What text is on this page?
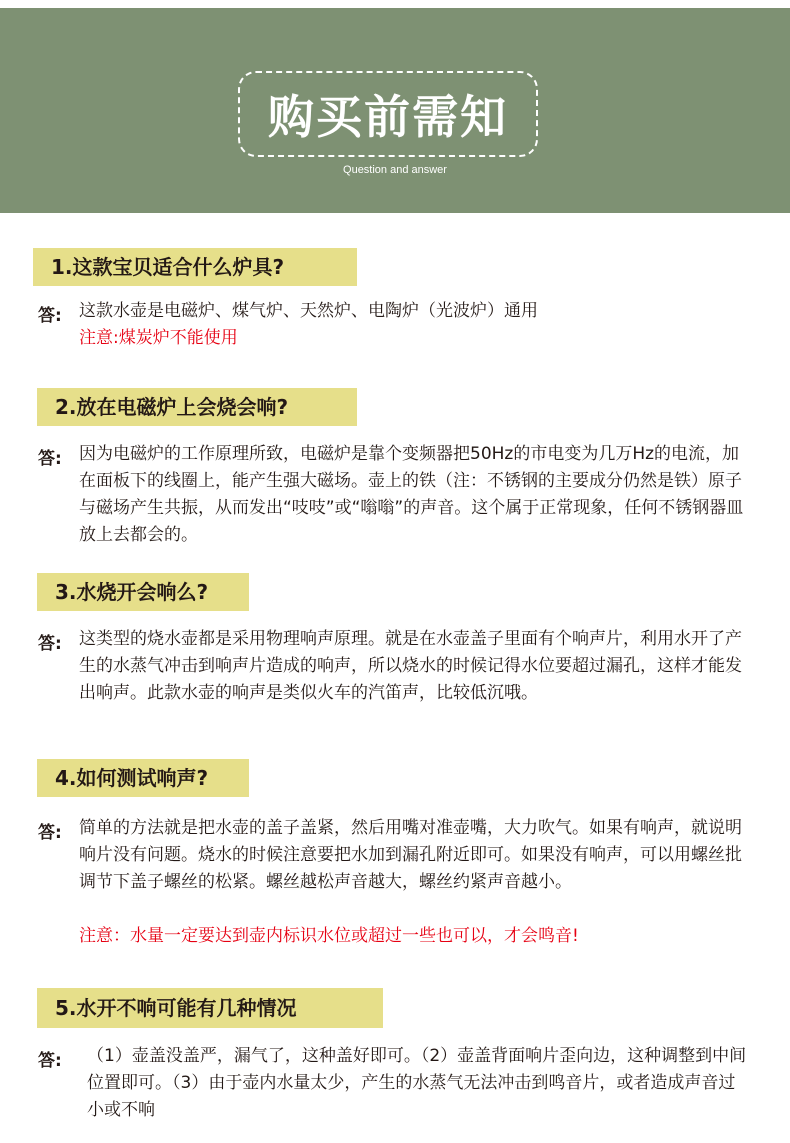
购买前需知
Question and answer
1.这款宝贝适合什么炉具?
答: 这款水壶是电磁炉、煤气炉、天然炉、电陶炉（光波炉）通用
注意:煤炭炉不能使用
2.放在电磁炉上会烧会响?
答: 因为电磁炉的工作原理所致，电磁炉是靠个变频器把50Hz的市电变为几万Hz的电流，加在面板下的线圈上，能产生强大磁场。壶上的铁（注：不锈钢的主要成分仍然是铁）原子与磁场产生共振，从而发出“吱吱”或“嗡嗡”的声音。这个属于正常现象，任何不锈钢器皿放上去都会的。
3.水烧开会响么?
答: 这类型的烧水壶都是采用物理响声原理。就是在水壶盖子里面有个响声片，利用水开了产生的水蒸气冲击到响声片造成的响声，所以烧水的时候记得水位要超过漏孔，这样才能发出响声。此款水壶的响声是类似火车的汽笛声，比较低沉哦。
4.如何测试响声?
答: 简单的方法就是把水壶的盖子盖紧，然后用嘴对准壶嘴，大力吹气。如果有响声，就说明响片没有问题。烧水的时候注意要把水加到漏孔附近即可。如果没有响声，可以用螺丝批调节下盖子螺丝的松紧。螺丝越松声音越大，螺丝约紧声音越小。
注意：水量一定要达到壶内标识水位或超过一些也可以，才会鸣音!
5.水开不响可能有几种情况
答: （1）壶盖没盖严，漏气了，这种盖好即可。（2）壶盖背面响片歪向边，这种调整到中间位置即可。（3）由于壶内水量太少，产生的水蒸气无法冲击到鸣音片，或者造成声音过小或不响
